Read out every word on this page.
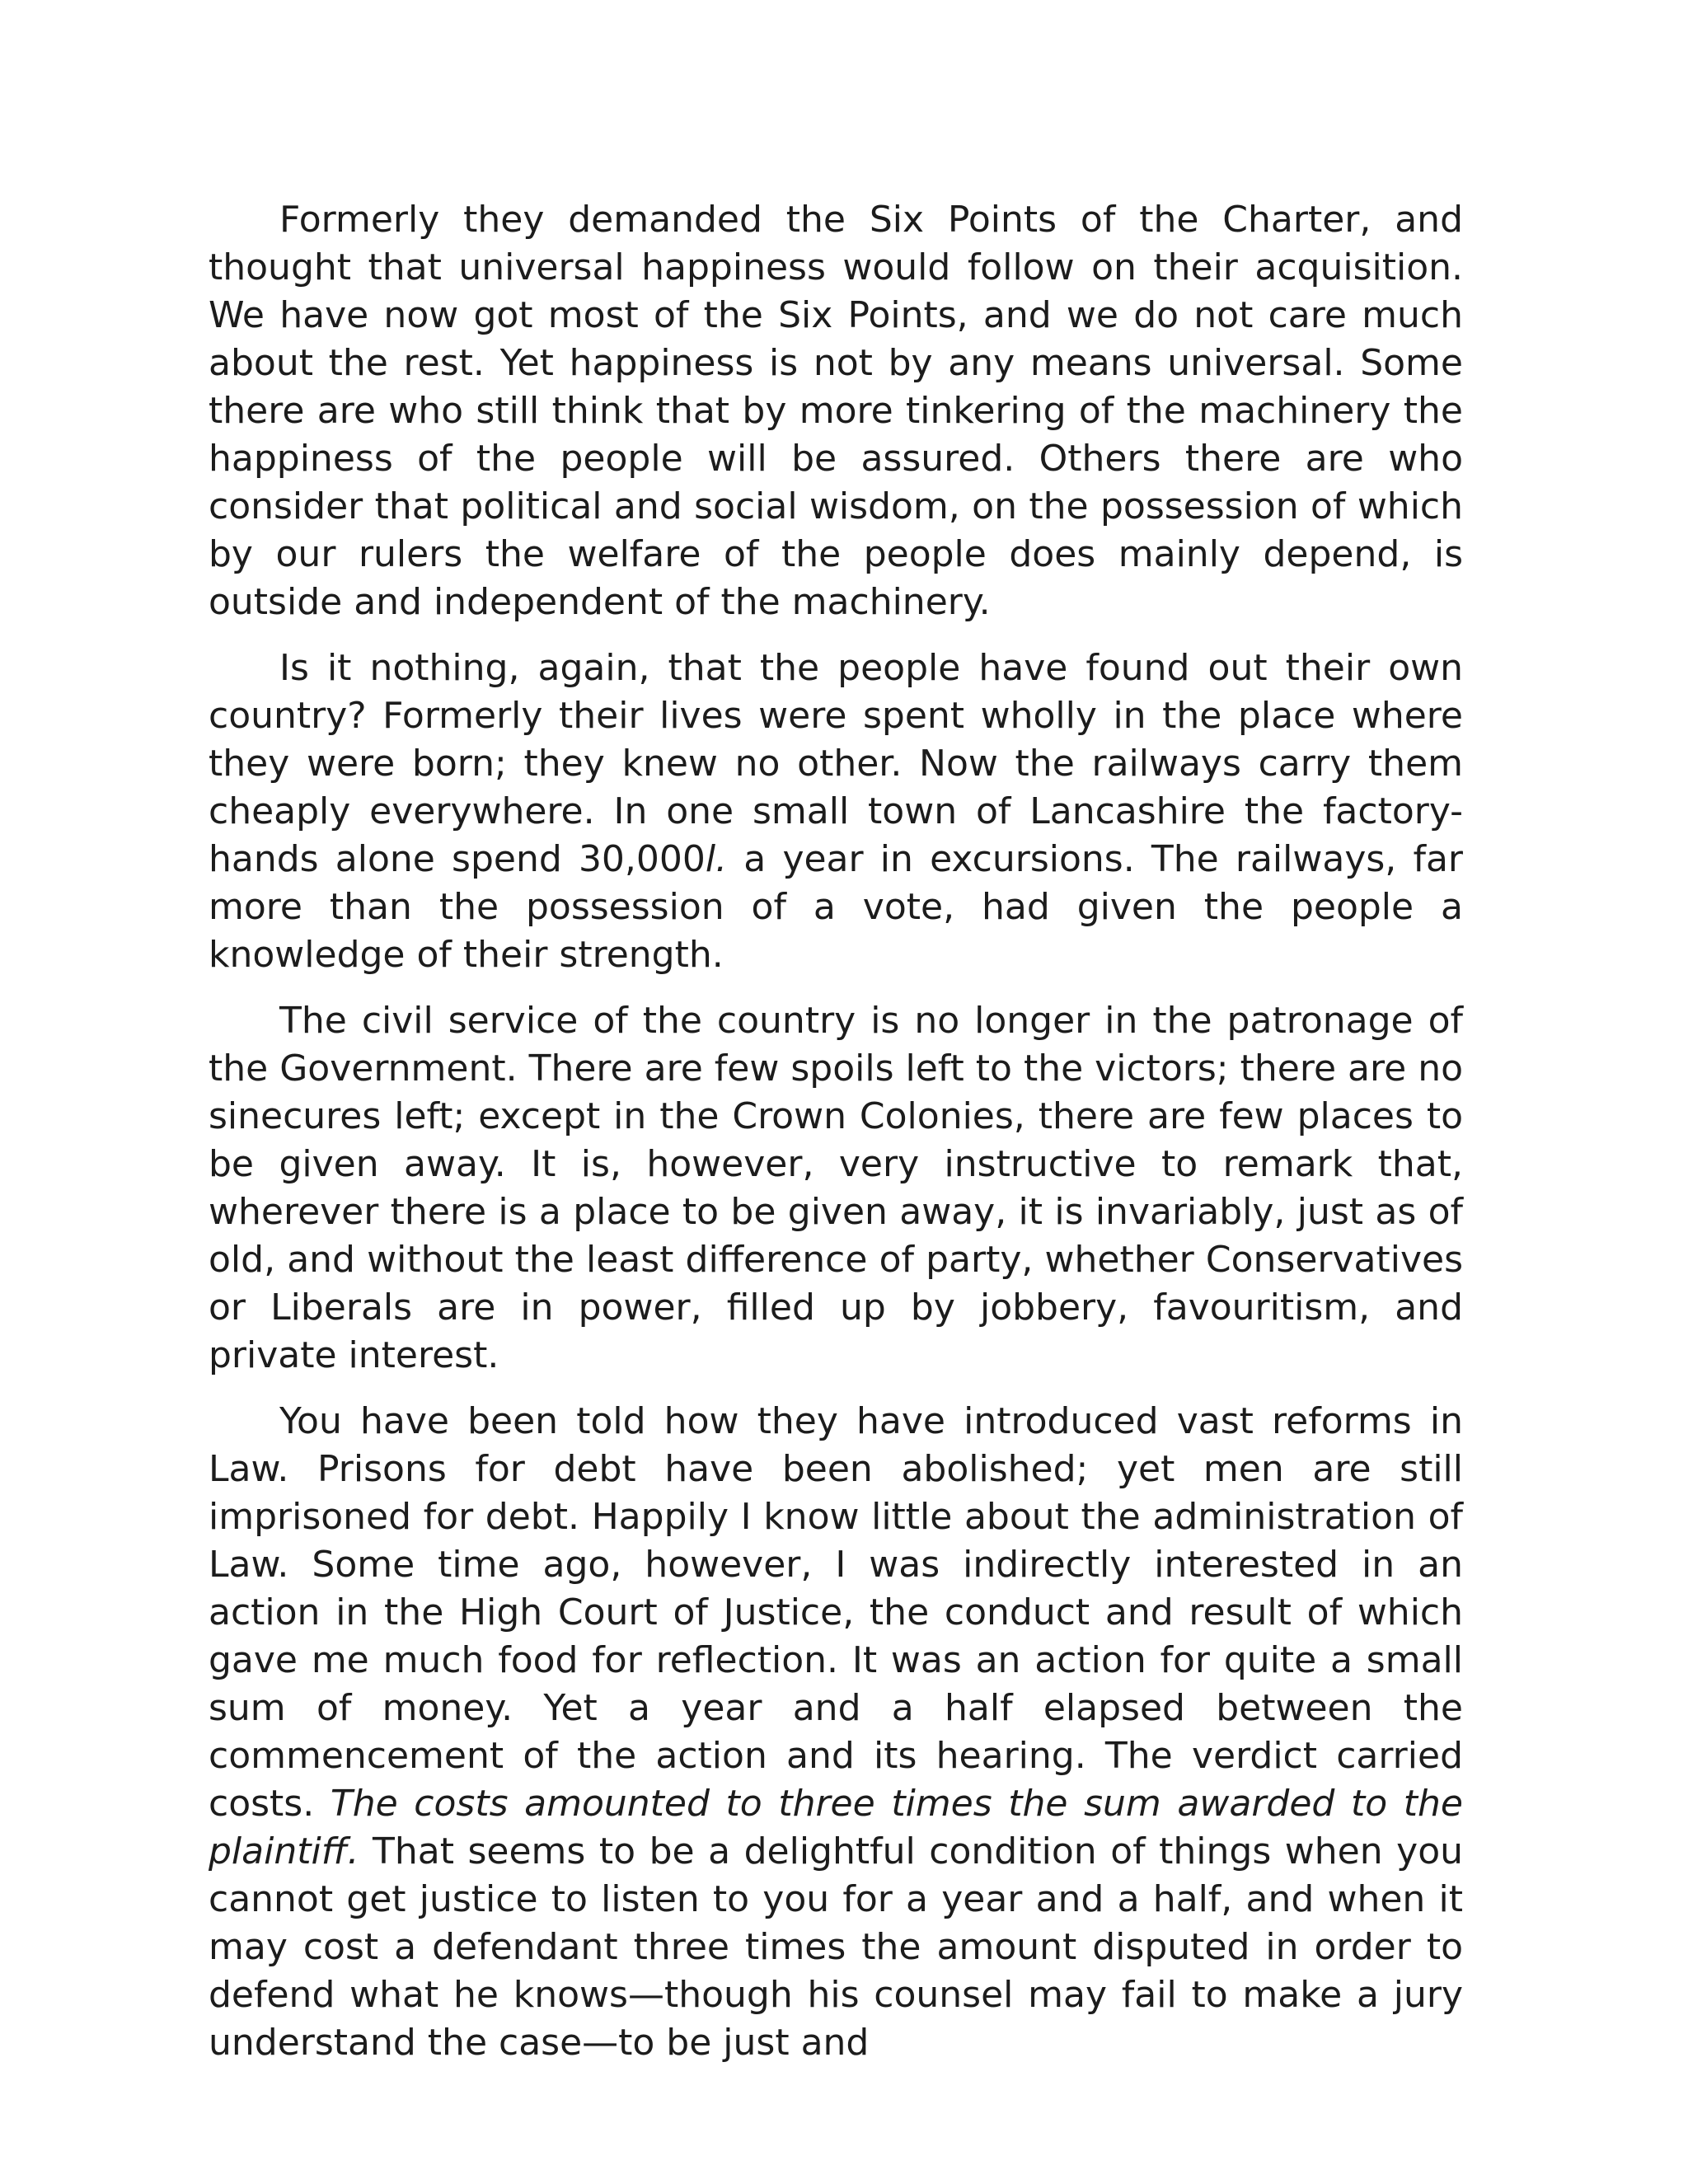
Formerly they demanded the Six Points of the Charter, and thought that universal happiness would follow on their acquisition. We have now got most of the Six Points, and we do not care much about the rest. Yet happiness is not by any means universal. Some there are who still think that by more tinkering of the machinery the happiness of the people will be assured. Others there are who consider that political and social wisdom, on the possession of which by our rulers the welfare of the people does mainly depend, is outside and independent of the machinery.

Is it nothing, again, that the people have found out their own country? Formerly their lives were spent wholly in the place where they were born; they knew no other. Now the railways carry them cheaply everywhere. In one small town of Lancashire the factory-hands alone spend 30,000l. a year in excursions. The railways, far more than the possession of a vote, had given the people a knowledge of their strength.

The civil service of the country is no longer in the patronage of the Government. There are few spoils left to the victors; there are no sinecures left; except in the Crown Colonies, there are few places to be given away. It is, however, very instructive to remark that, wherever there is a place to be given away, it is invariably, just as of old, and without the least difference of party, whether Conservatives or Liberals are in power, filled up by jobbery, favouritism, and private interest.

You have been told how they have introduced vast reforms in Law. Prisons for debt have been abolished; yet men are still imprisoned for debt. Happily I know little about the administration of Law. Some time ago, however, I was indirectly interested in an action in the High Court of Justice, the conduct and result of which gave me much food for reflection. It was an action for quite a small sum of money. Yet a year and a half elapsed between the commencement of the action and its hearing. The verdict carried costs. The costs amounted to three times the sum awarded to the plaintiff. That seems to be a delightful condition of things when you cannot get justice to listen to you for a year and a half, and when it may cost a defendant three times the amount disputed in order to defend what he knows—though his counsel may fail to make a jury understand the case—to be just and
